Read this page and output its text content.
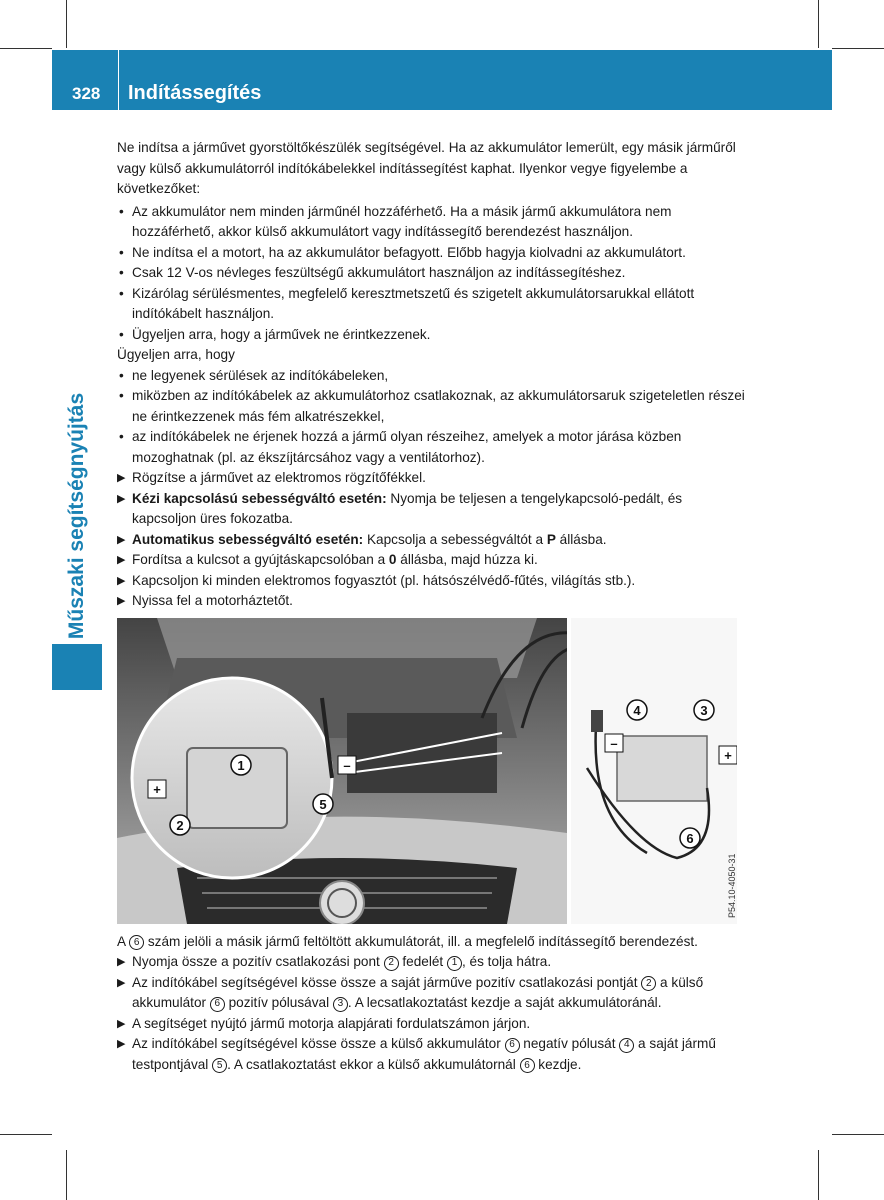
328 Indítássegítés
Műszaki segítségnyújtás

Ne indítsa a járművet gyorstöltőkészülék segítségével. Ha az akkumulátor lemerült, egy másik járműről vagy külső akkumulátorról indítókábelekkel indítássegítést kaphat. Ilyenkor vegye figyelembe a következőket:

• Az akkumulátor nem minden járműnél hozzáférhető. Ha a másik jármű akkumulátora nem hozzáférhető, akkor külső akkumulátort vagy indítássegítő berendezést használjon.
• Ne indítsa el a motort, ha az akkumulátor befagyott. Előbb hagyja kiolvadni az akkumulátort.
• Csak 12 V-os névleges feszültségű akkumulátort használjon az indítássegítéshez.
• Kizárólag sérülésmentes, megfelelő keresztmetszetű és szigetelt akkumulátorsarukkal ellátott indítókábelt használjon.
• Ügyeljen arra, hogy a járművek ne érintkezzenek.

Ügyeljen arra, hogy

• ne legyenek sérülések az indítókábeleken,
• miközben az indítókábelek az akkumulátorhoz csatlakoznak, az akkumulátorsaruk szigeteletlen részei ne érintkezzenek más fém alkatrészekkel,
• az indítókábelek ne érjenek hozzá a jármű olyan részeihez, amelyek a motor járása közben mozoghatnak (pl. az ékszíjtárcsához vagy a ventilátorhoz).
▶ Rögzítse a járművet az elektromos rögzítőfékkel.
▶ Kézi kapcsolású sebességváltó esetén: Nyomja be teljesen a tengelykapcsoló-pedált, és kapcsoljon üres fokozatba.
▶ Automatikus sebességváltó esetén: Kapcsolja a sebességváltót a P állásba.
▶ Fordítsa a kulcsot a gyújtáskapcsolóban a 0 állásba, majd húzza ki.
▶ Kapcsoljon ki minden elektromos fogyasztót (pl. hátsószélvédő-fűtés, világítás stb.).
▶ Nyissa fel a motorháztetőt.
1
2
5
3
4
6
+
–
–
+
P54.10-4050-31

A 6 szám jelöli a másik jármű feltöltött akkumulátorát, ill. a megfelelő indítássegítő berendezést.

▶ Nyomja össze a pozitív csatlakozási pont 2 fedelét 1 , és tolja hátra.
▶ Az indítókábel segítségével kösse össze a saját járműve pozitív csatlakozási pontját 2 a külső akkumulátor 6 pozitív pólusával 3 . A lecsatlakoztatást kezdje a saját akkumulátoránál.
▶ A segítséget nyújtó jármű motorja alapjárati fordulatszámon járjon.
▶ Az indítókábel segítségével kösse össze a külső akkumulátor 6 negatív pólusát 4 a saját jármű testpontjával 5 . A csatlakoztatást ekkor a külső akkumulátornál 6 kezdje.
